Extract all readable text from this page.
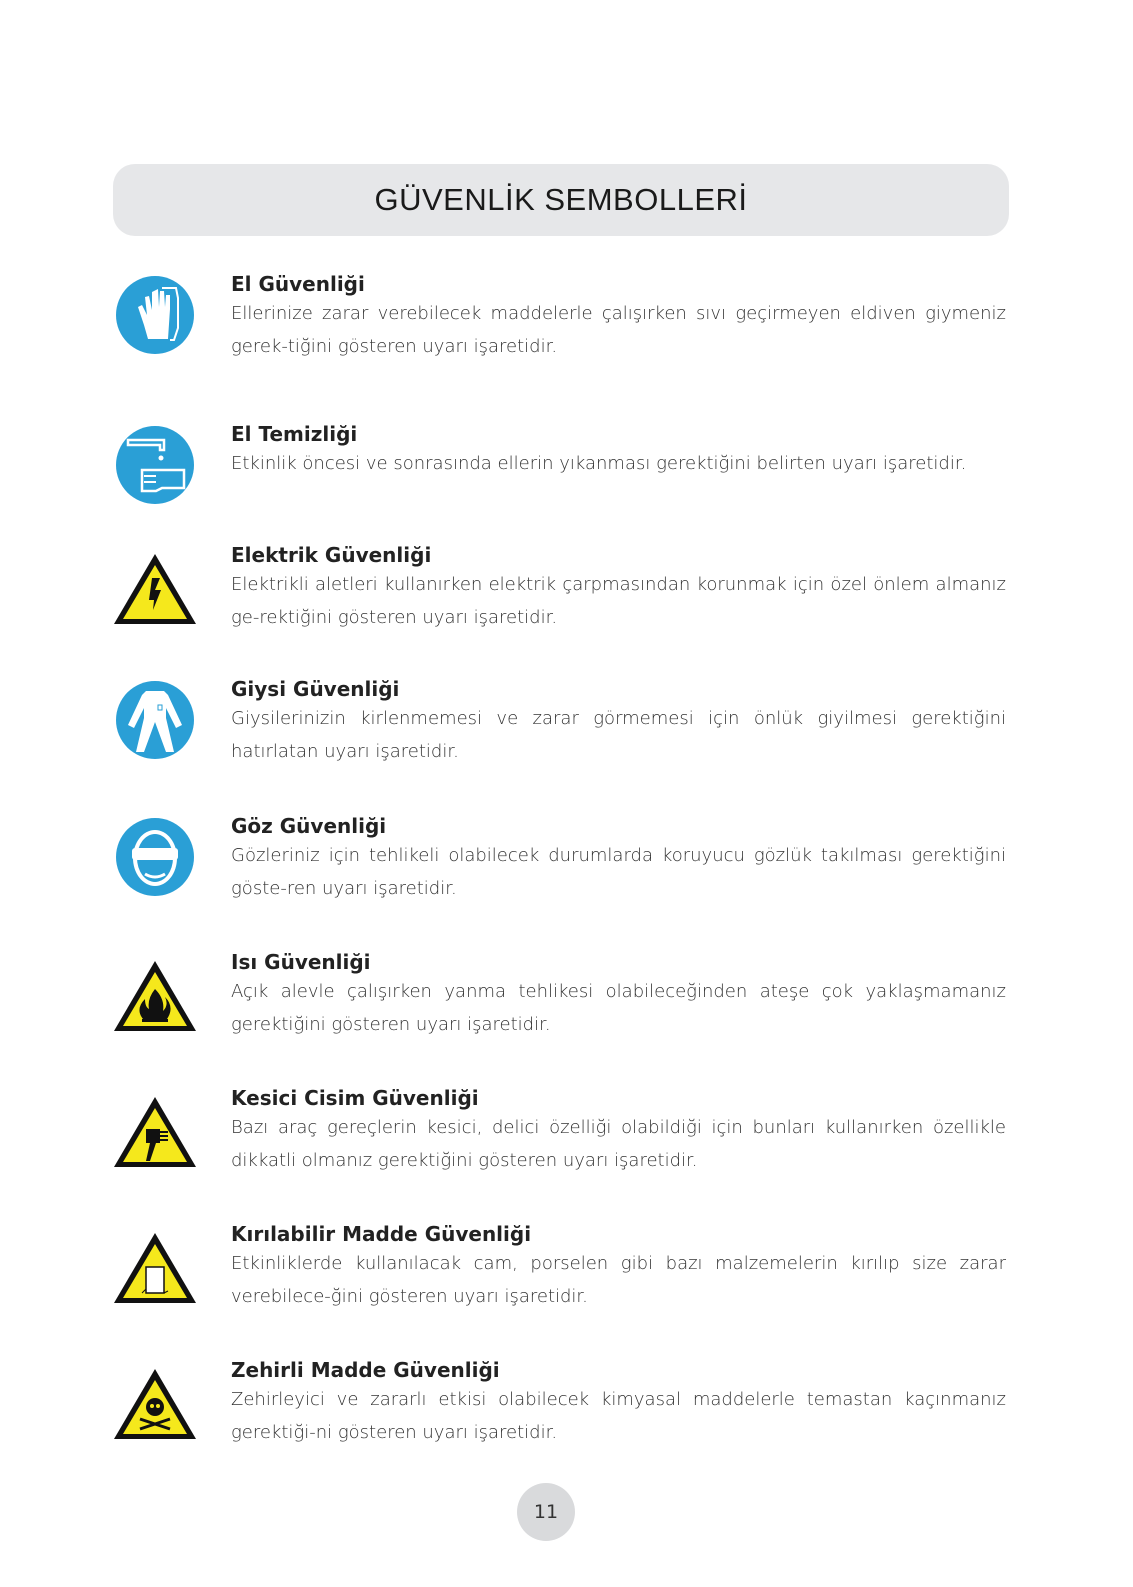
GÜVENLİK SEMBOLLERİ
El Güvenliği
Ellerinize zarar verebilecek maddelerle çalışırken sıvı geçirmeyen eldiven giymeniz gerek-tiğini gösteren uyarı işaretidir.
El Temizliği
Etkinlik öncesi ve sonrasında ellerin yıkanması gerektiğini belirten uyarı işaretidir.
Elektrik Güvenliği
Elektrikli aletleri kullanırken elektrik çarpmasından korunmak için özel önlem almanız ge-rektiğini gösteren uyarı işaretidir.
Giysi Güvenliği
Giysilerinizin kirlenmemesi ve zarar görmemesi için önlük giyilmesi gerektiğini hatırlatan uyarı işaretidir.
Göz Güvenliği
Gözleriniz için tehlikeli olabilecek durumlarda koruyucu gözlük takılması gerektiğini göste-ren uyarı işaretidir.
Isı Güvenliği
Açık alevle çalışırken yanma tehlikesi olabileceğinden ateşe çok yaklaşmamanız gerektiğini gösteren uyarı işaretidir.
Kesici Cisim Güvenliği
Bazı araç gereçlerin kesici, delici özelliği olabildiği için bunları kullanırken özellikle dikkatli olmanız gerektiğini gösteren uyarı işaretidir.
Kırılabilir Madde Güvenliği
Etkinliklerde kullanılacak cam, porselen gibi bazı malzemelerin kırılıp size zarar verebilece-ğini gösteren uyarı işaretidir.
Zehirli Madde Güvenliği
Zehirleyici ve zararlı etkisi olabilecek kimyasal maddelerle temastan kaçınmanız gerektiği-ni gösteren uyarı işaretidir.
11
